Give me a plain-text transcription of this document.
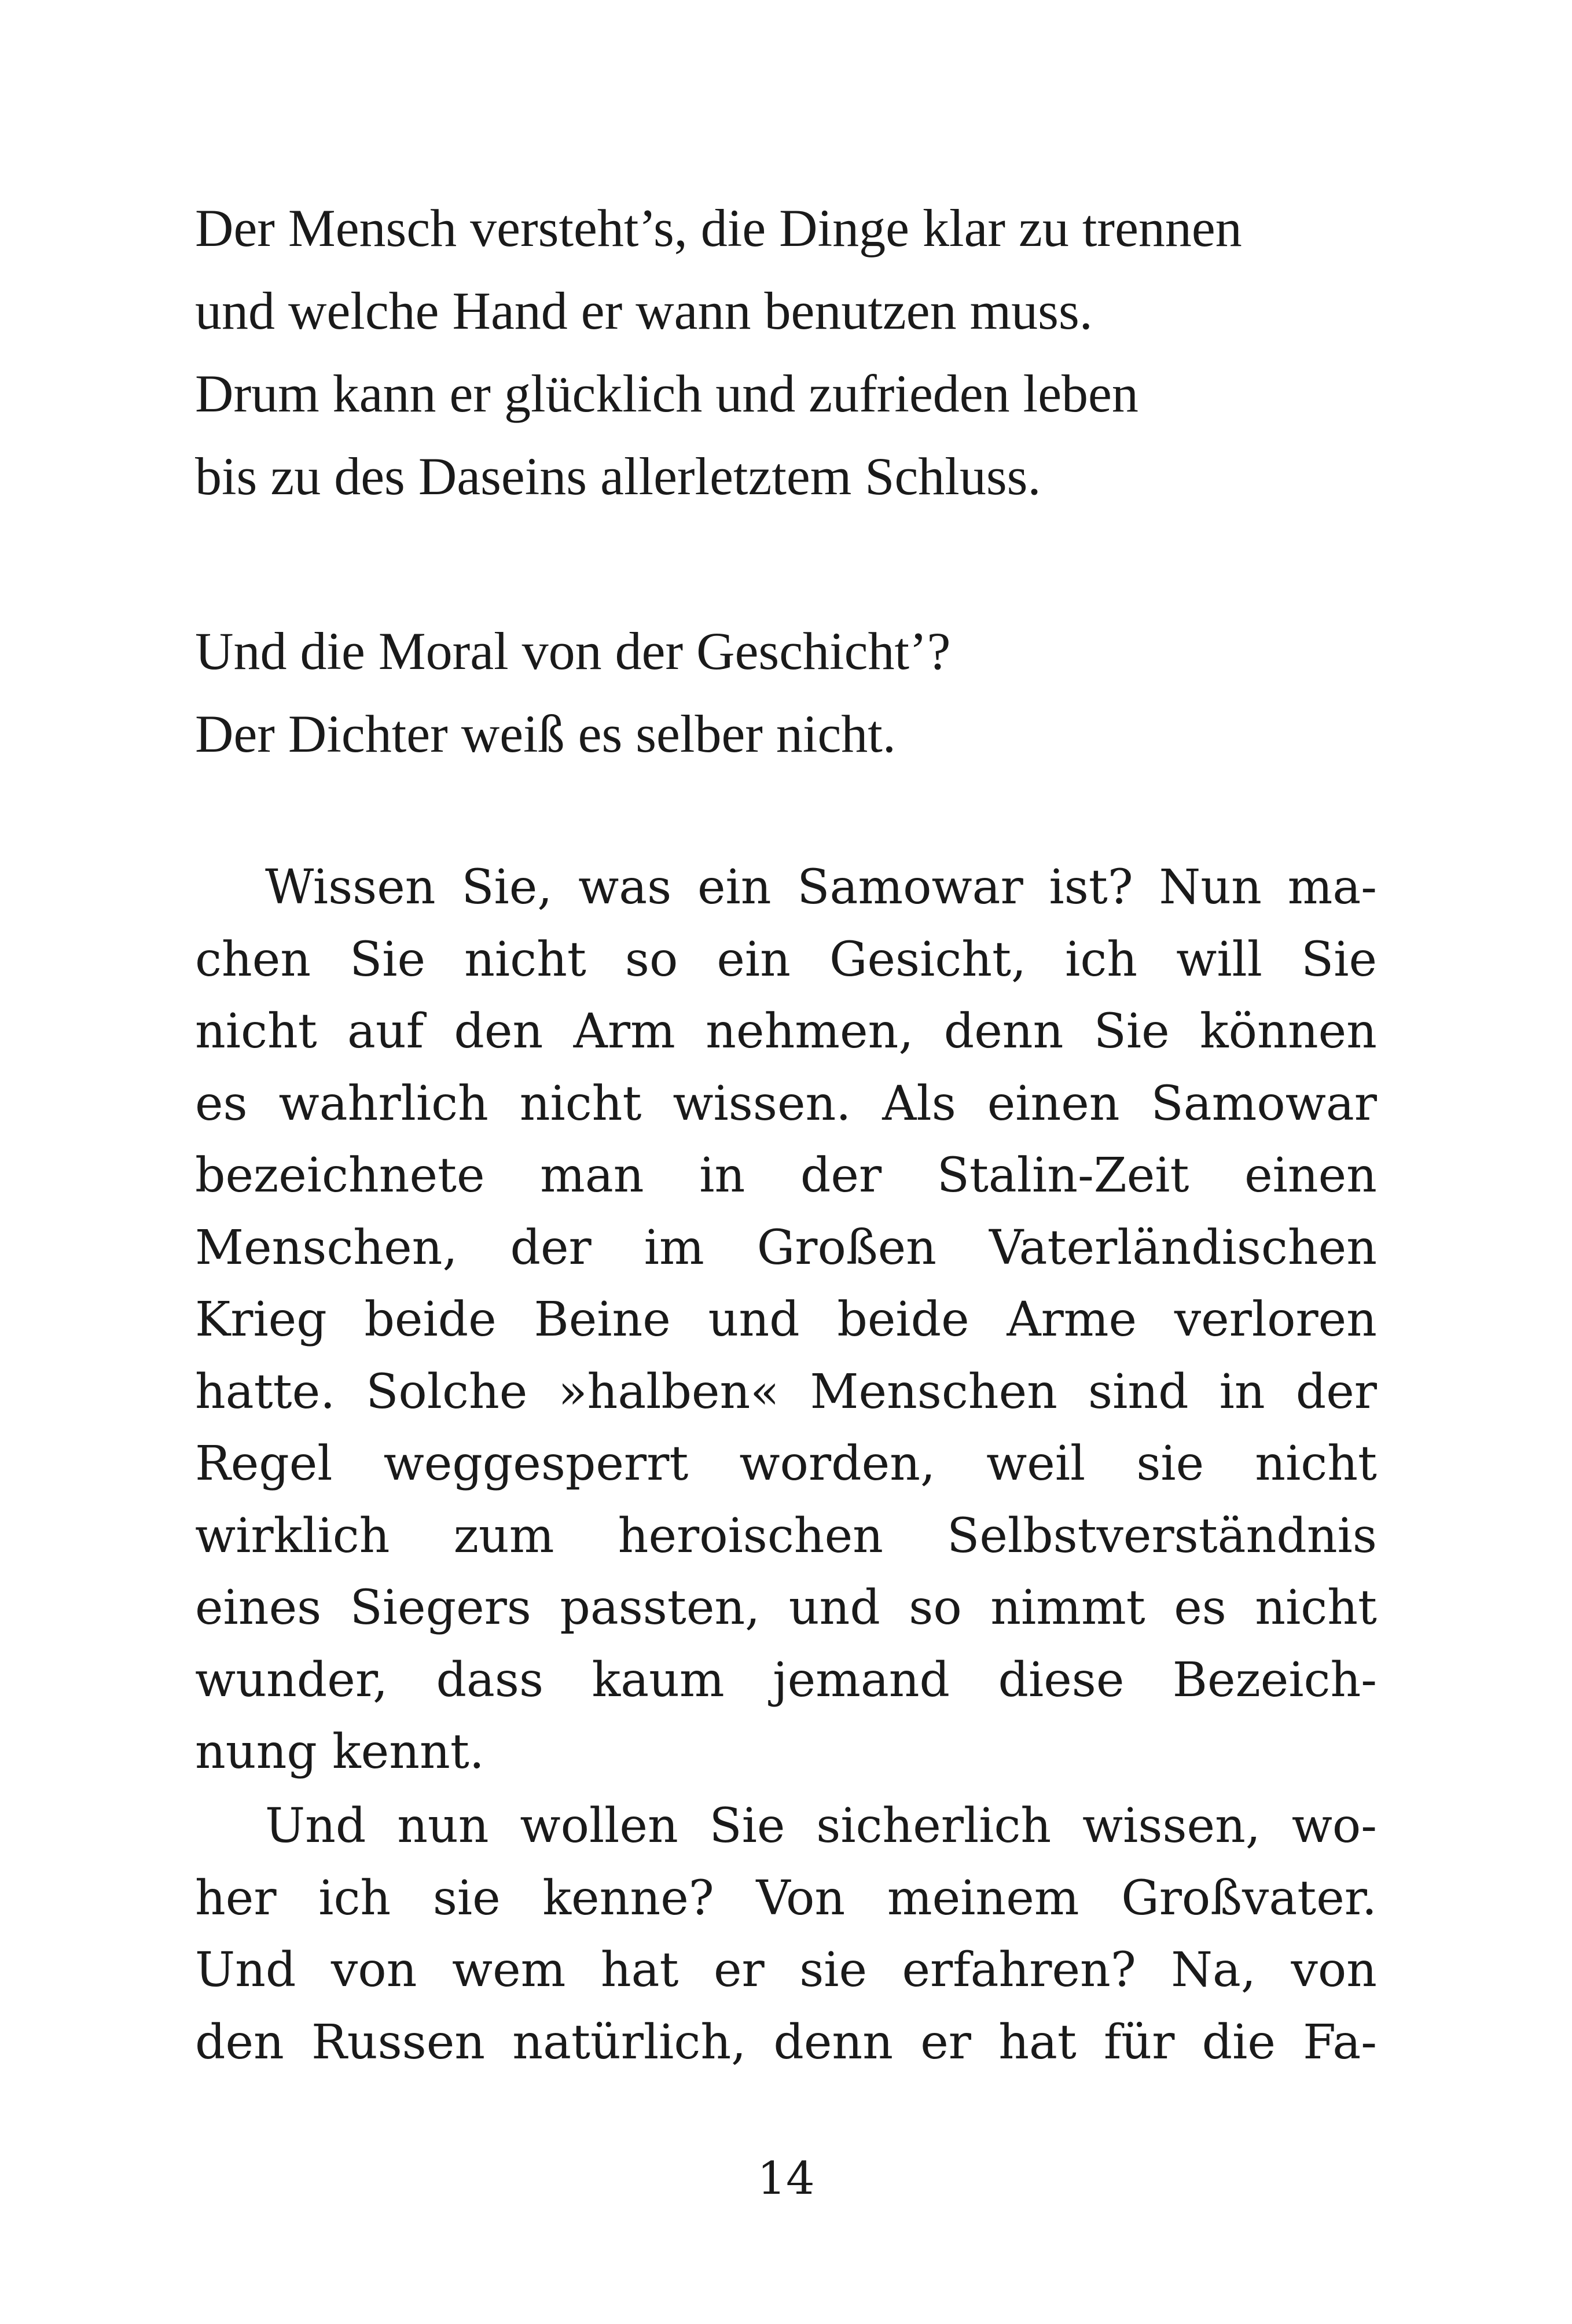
Der Mensch versteht’s, die Dinge klar zu trennen
und welche Hand er wann benutzen muss.
Drum kann er glücklich und zufrieden leben
bis zu des Daseins allerletztem Schluss.
Und die Moral von der Geschicht’?
Der Dichter weiß es selber nicht.
Wissen Sie, was ein Samowar ist? Nun ma-
chen Sie nicht so ein Gesicht, ich will Sie
nicht auf den Arm nehmen, denn Sie können
es wahrlich nicht wissen. Als einen Samowar
bezeichnete man in der Stalin-Zeit einen
Menschen, der im Großen Vaterländischen
Krieg beide Beine und beide Arme verloren
hatte. Solche »halben« Menschen sind in der
Regel weggesperrt worden, weil sie nicht
wirklich zum heroischen Selbstverständnis
eines Siegers passten, und so nimmt es nicht
wunder, dass kaum jemand diese Bezeich-
nung kennt.
Und nun wollen Sie sicherlich wissen, wo-
her ich sie kenne? Von meinem Großvater.
Und von wem hat er sie erfahren? Na, von
den Russen natürlich, denn er hat für die Fa-
14
